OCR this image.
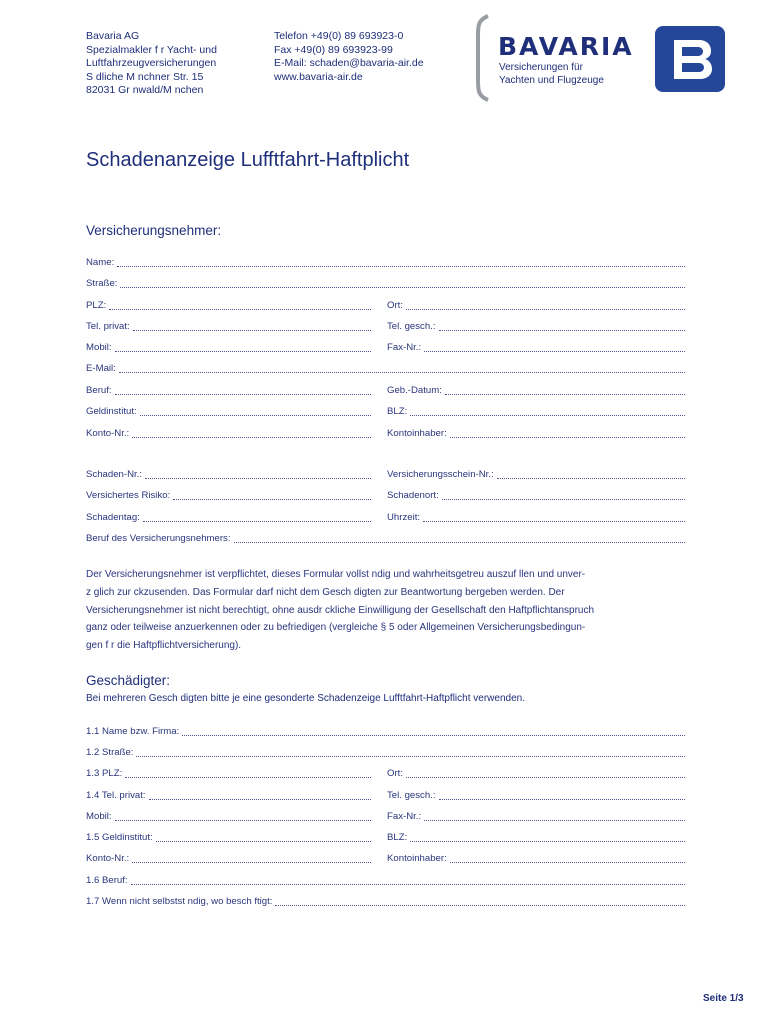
Bavaria AG
Spezialmakler f r Yacht- und
Luftfahrzeugversicherungen
S dliche M nchner Str. 15
82031 Gr nwald/M nchen
Telefon +49(0) 89 693923-0
Fax +49(0) 89 693923-99
E-Mail: schaden@bavaria-air.de
www.bavaria-air.de
BAVARIA
Versicherungen für
Yachten und Flugzeuge
Schadenanzeige Lufftfahrt-Haftplicht
Versicherungsnehmer:
Name:
Straße:
PLZ:	Ort:
Tel. privat:	Tel. gesch.:
Mobil:	Fax-Nr.:
E-Mail:
Beruf:	Geb.-Datum:
Geldinstitut:	BLZ:
Konto-Nr.:	Kontoinhaber:
Schaden-Nr.:	Versicherungsschein-Nr.:
Versichertes Risiko:	Schadenort:
Schadentag:	Uhrzeit:
Beruf des Versicherungsnehmers:
Der Versicherungsnehmer ist verpflichtet, dieses Formular vollst ndig und wahrheitsgetreu auszuf llen und unver-
z glich zur ckzusenden. Das Formular darf nicht dem Gesch digten zur Beantwortung bergeben werden. Der
Versicherungsnehmer ist nicht berechtigt, ohne ausdr ckliche Einwilligung der Gesellschaft den Haftpflichtanspruch
ganz oder teilweise anzuerkennen oder zu befriedigen (vergleiche § 5 oder Allgemeinen Versicherungsbedingun-
gen f r die Haftpflichtversicherung).
Geschädigter:
Bei mehreren Gesch digten bitte je eine gesonderte Schadenzeige Lufftfahrt-Haftpflicht verwenden.
1.1 Name bzw. Firma:
1.2 Straße:
1.3 PLZ:	Ort:
1.4 Tel. privat:	Tel. gesch.:
Mobil:	Fax-Nr.:
1.5 Geldinstitut:	BLZ:
Konto-Nr.:	Kontoinhaber:
1.6 Beruf:
1.7 Wenn nicht selbstst ndig, wo besch ftigt:
Seite 1/3
